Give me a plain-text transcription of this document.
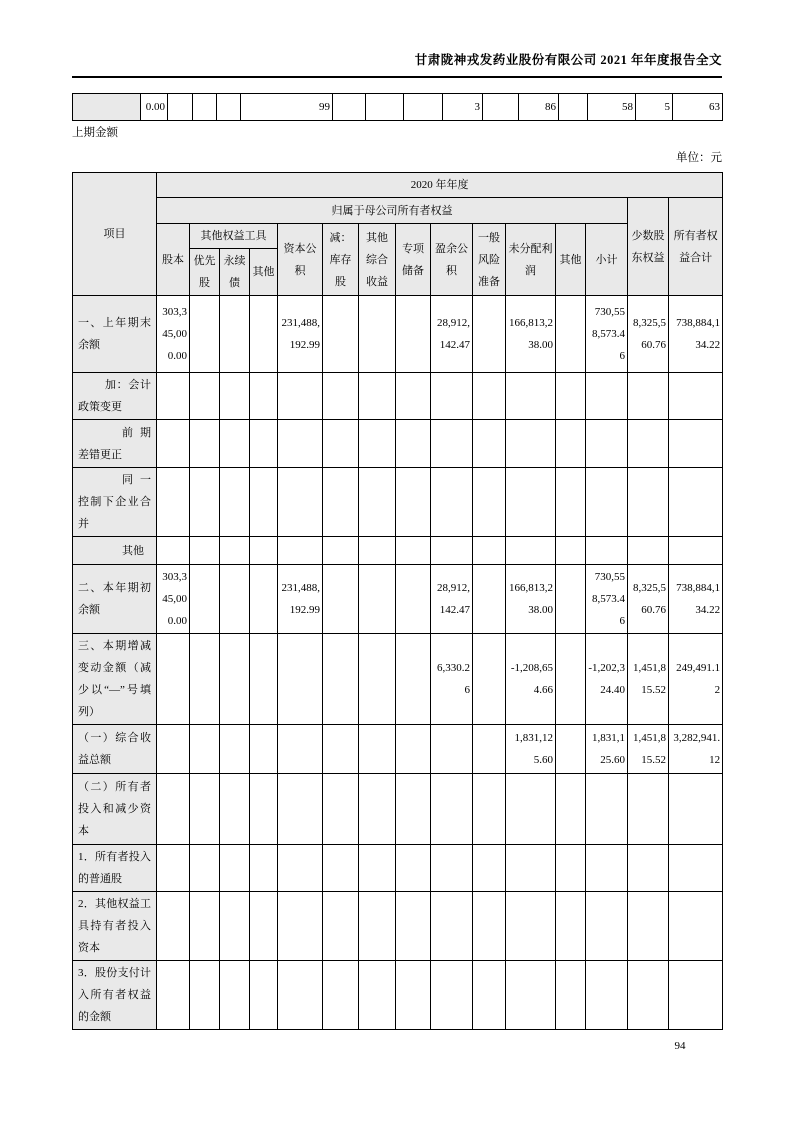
甘肃陇神戎发药业股份有限公司 2021 年年度报告全文
	0.00				99				3		86		58	5	63
上期金额
单位：元
项目	2020 年年度														
	归属于母公司所有者权益													少数股东权益	所有者权益合计
	股本	其他权益工具			资本公积	减：库存股	其他综合收益	专项储备	盈余公积	一般风险准备	未分配利润	其他	小计		
		优先股	永续债	其他											
一、上年期末余额	303,345,000.00				231,488,192.99				28,912,142.47		166,813,238.00		730,558,573.46	8,325,560.76	738,884,134.22
加：会计政策变更															
前期差错更正															
同一控制下企业合并															
其他															
二、本年期初余额	303,345,000.00				231,488,192.99				28,912,142.47		166,813,238.00		730,558,573.46	8,325,560.76	738,884,134.22
三、本期增减变动金额（减少以“—”号填列）									6,330.26		-1,208,654.66		-1,202,324.40	1,451,815.52	249,491.12
（一）综合收益总额											1,831,125.60		1,831,125.60	1,451,815.52	3,282,941.12
（二）所有者投入和减少资本															
1．所有者投入的普通股															
2．其他权益工具持有者投入资本															
3．股份支付计入所有者权益的金额															
94
